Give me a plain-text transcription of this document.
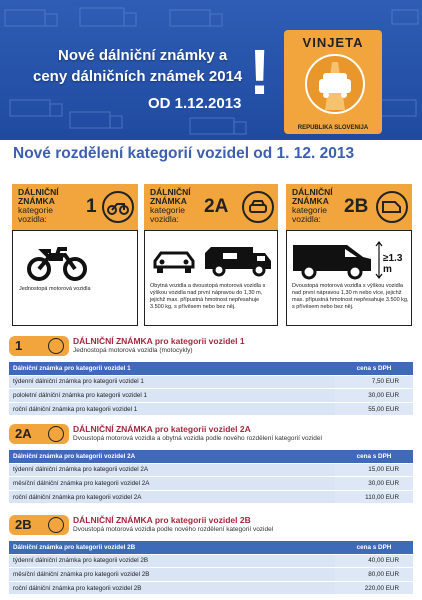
Nové dálniční známky a
ceny dálničních známek 2014
OD 1.12.2013 !	VINJETA
REPUBLIKA SLOVENIJA
Nové rozdělení kategorií vozidel od 1. 12. 2013
DÁLNIČNÍ
ZNÁMKA
kategorie
vozidla:
1
Jednostopá motorová vozidla
DÁLNIČNÍ
ZNÁMKA
kategorie
vozidla:
2A
Obytná vozidla a dvoustopá motorová vozidla s výškou vozidla nad první nápravou do 1,30 m, jejichž max. přípustná hmotnost nepřesahuje 3.500 kg, s přívěsem nebo bez něj.
DÁLNIČNÍ
ZNÁMKA
kategorie
vozidla:
2B
≥1.3 m
Dvoustopá motorová vozidla s výškou vozidla nad první nápravou 1,30 m nebo více, jejichž max. přípustná hmotnost nepřesahuje 3.500 kg, s přívěsem nebo bez něj.
1	DÁLNIČNÍ ZNÁMKA pro kategorii vozidel 1
Jednostopá motorová vozidla (motocykly)
Dálniční známka pro kategorii vozidel 1	cena s DPH
týdenní dálniční známka pro kategorii vozidel 1	7,50 EUR
pololetní dálniční známka pro kategorii vozidel 1	30,00 EUR
roční dálniční známka pro kategorii vozidel 1	55,00 EUR
2A	DÁLNIČNÍ ZNÁMKA pro kategorii vozidel 2A
Dvoustopá motorová vozidla a obytná vozidla podle nového rozdělení kategorií vozidel
Dálniční známka pro kategorii vozidel 2A	cena s DPH
týdenní dálniční známka pro kategorii vozidel 2A	15,00 EUR
měsíční dálniční známka pro kategorii vozidel 2A	30,00 EUR
roční dálniční známka pro kategorii vozidel 2A	110,00 EUR
2B	DÁLNIČNÍ ZNÁMKA pro kategorii vozidel 2B
Dvoustopá motorová vozidla podle nového rozdělení kategorií vozidel
Dálniční známka pro kategorii vozidel 2B	cena s DPH
týdenní dálniční známka pro kategorii vozidel 2B	40,00 EUR
měsíční dálniční známka pro kategorii vozidel 2B	80,00 EUR
roční dálniční známka pro kategorii vozidel 2B	220,00 EUR
